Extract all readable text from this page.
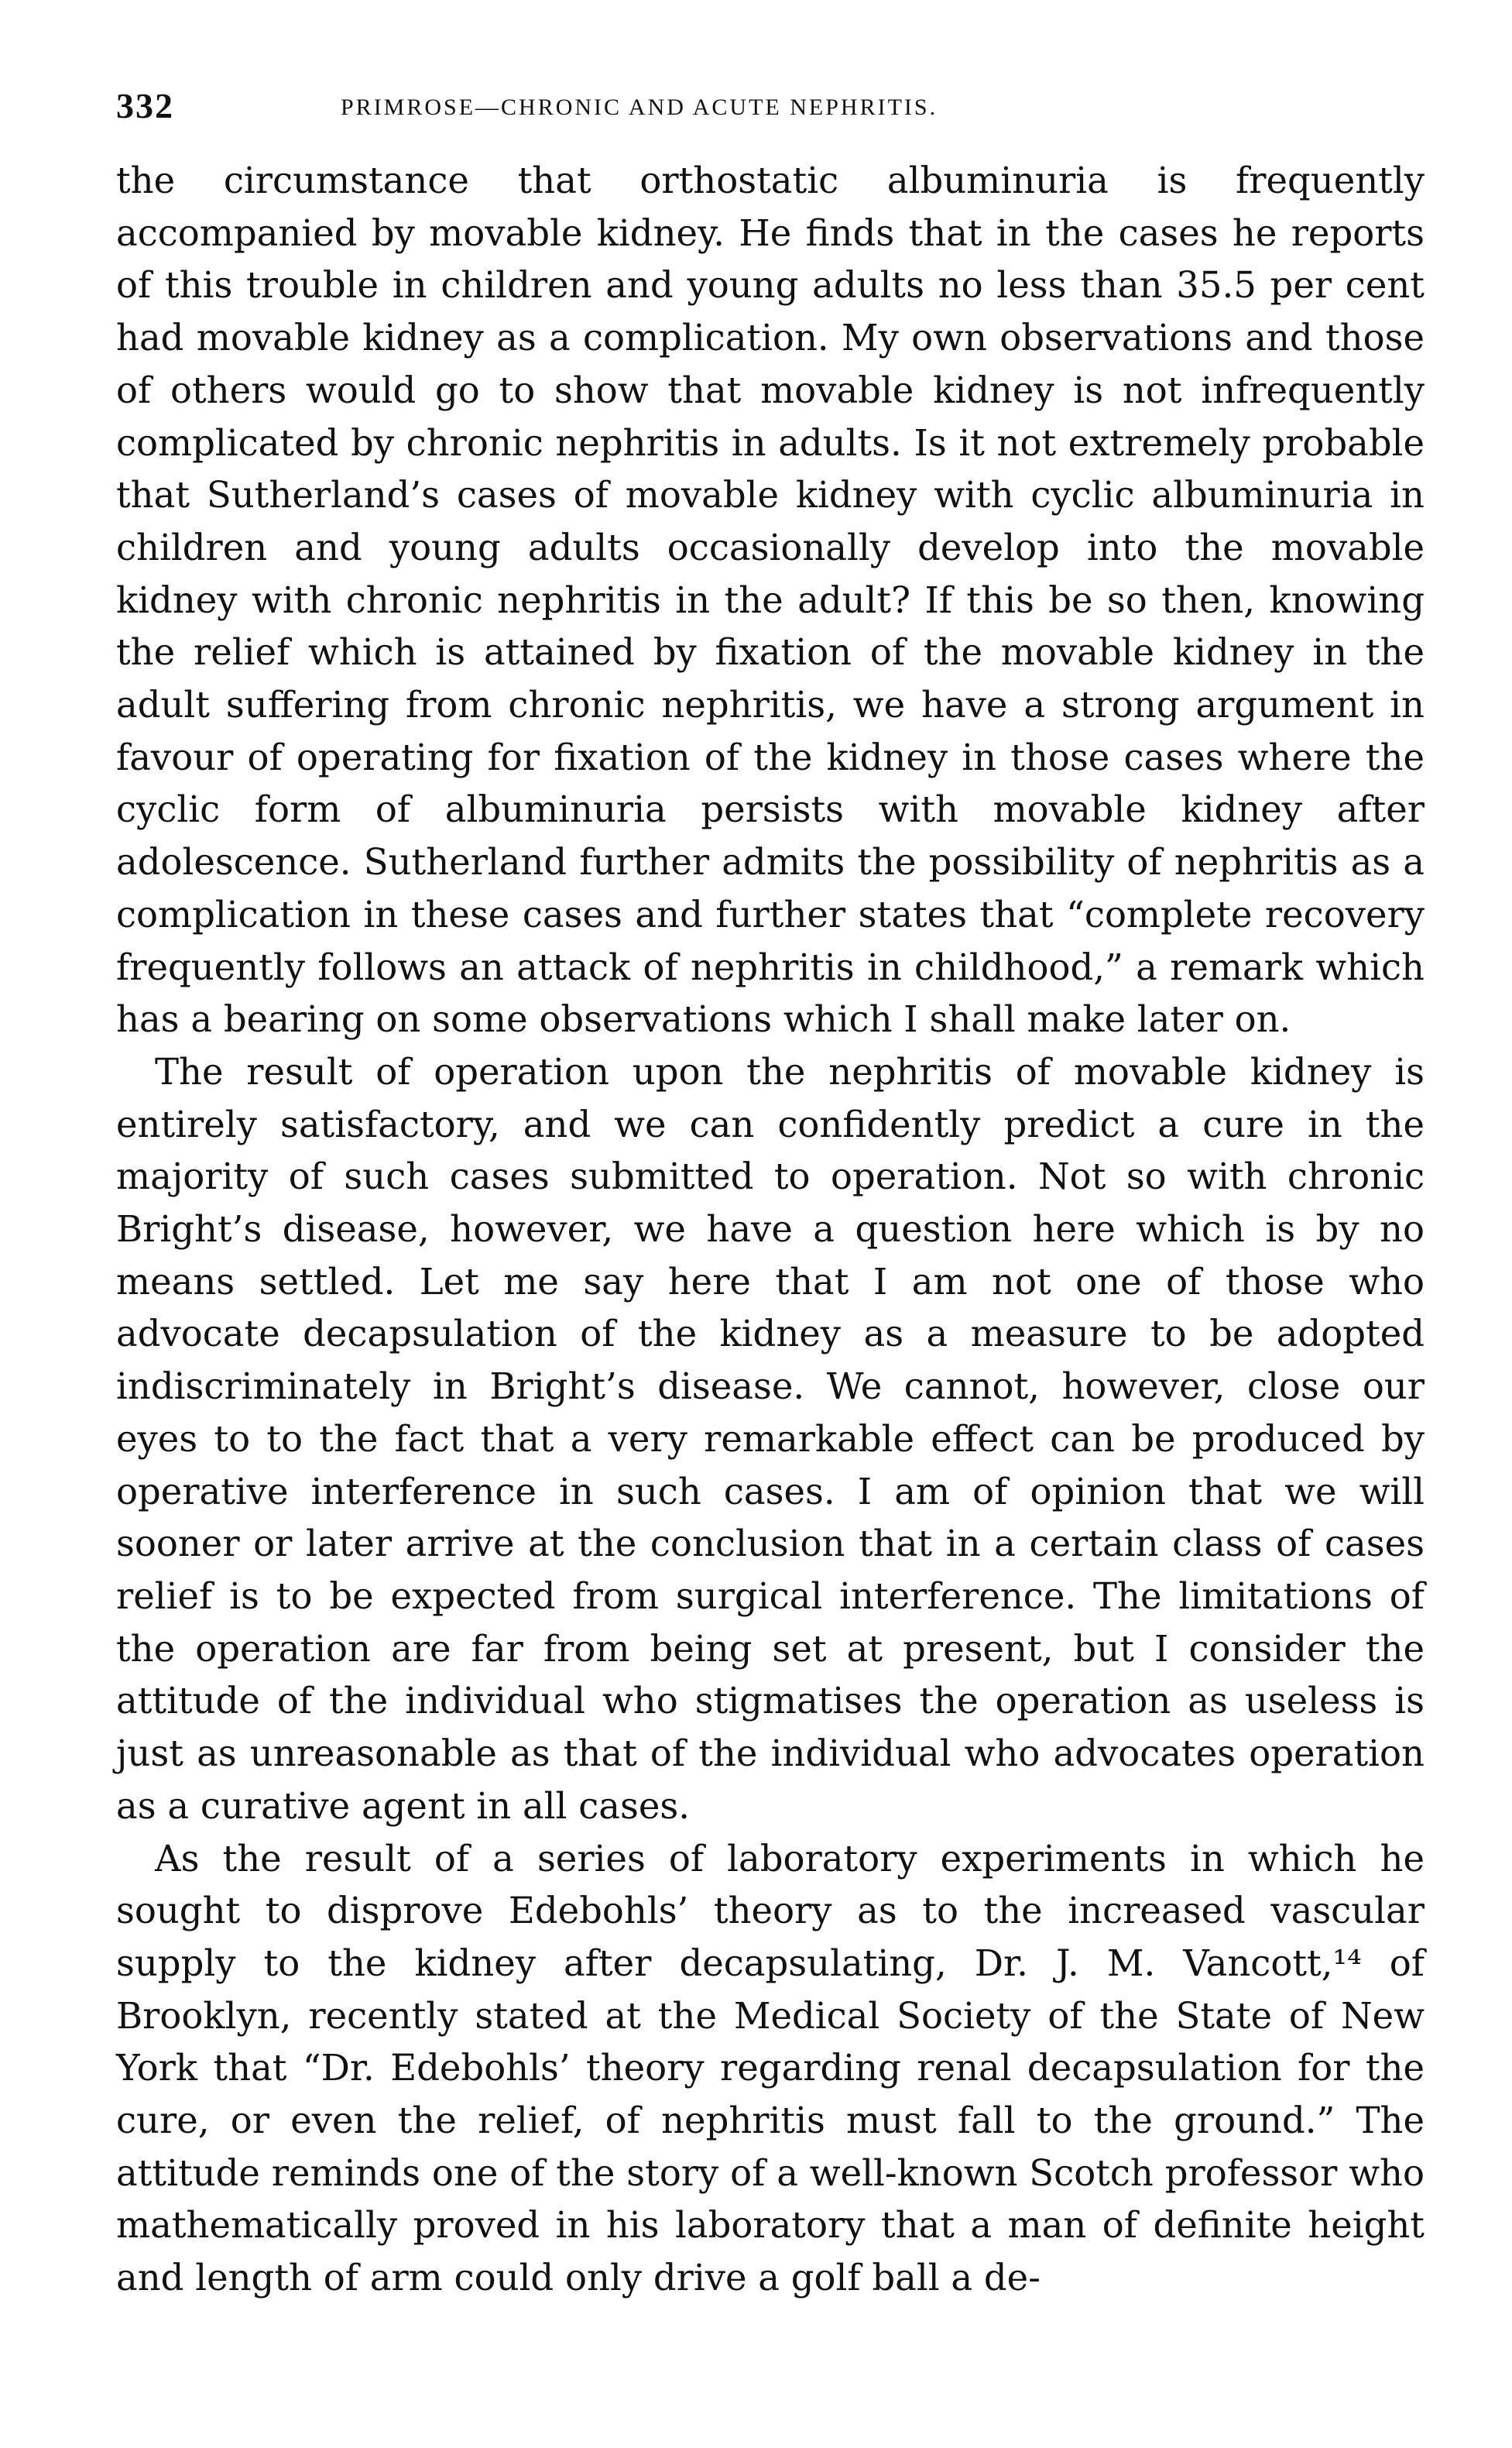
332	PRIMROSE—CHRONIC AND ACUTE NEPHRITIS.

the circumstance that orthostatic albuminuria is frequently accompanied by movable kidney. He finds that in the cases he reports of this trouble in children and young adults no less than 35.5 per cent had movable kidney as a complication. My own observations and those of others would go to show that movable kidney is not infrequently complicated by chronic nephritis in adults. Is it not extremely probable that Sutherland’s cases of movable kidney with cyclic albuminuria in children and young adults occasionally develop into the movable kidney with chronic nephritis in the adult? If this be so then, knowing the relief which is attained by fixation of the movable kidney in the adult suffering from chronic nephritis, we have a strong argument in favour of operating for fixation of the kidney in those cases where the cyclic form of albuminuria persists with movable kidney after adolescence. Sutherland further admits the possibility of nephritis as a complication in these cases and further states that “complete recovery frequently follows an attack of nephritis in childhood,” a remark which has a bearing on some observations which I shall make later on.

The result of operation upon the nephritis of movable kidney is entirely satisfactory, and we can confidently predict a cure in the majority of such cases submitted to operation. Not so with chronic Bright’s disease, however, we have a question here which is by no means settled. Let me say here that I am not one of those who advocate decapsulation of the kidney as a measure to be adopted indiscriminately in Bright’s disease. We cannot, however, close our eyes to to the fact that a very remarkable effect can be produced by operative interference in such cases. I am of opinion that we will sooner or later arrive at the conclusion that in a certain class of cases relief is to be expected from surgical interference. The limitations of the operation are far from being set at present, but I consider the attitude of the individual who stigmatises the operation as useless is just as unreasonable as that of the individual who advocates operation as a curative agent in all cases.

As the result of a series of laboratory experiments in which he sought to disprove Edebohls’ theory as to the increased vascular supply to the kidney after decapsulating, Dr. J. M. Vancott,¹⁴ of Brooklyn, recently stated at the Medical Society of the State of New York that “Dr. Edebohls’ theory regarding renal decapsulation for the cure, or even the relief, of nephritis must fall to the ground.” The attitude reminds one of the story of a well-known Scotch professor who mathematically proved in his laboratory that a man of definite height and length of arm could only drive a golf ball a de-
